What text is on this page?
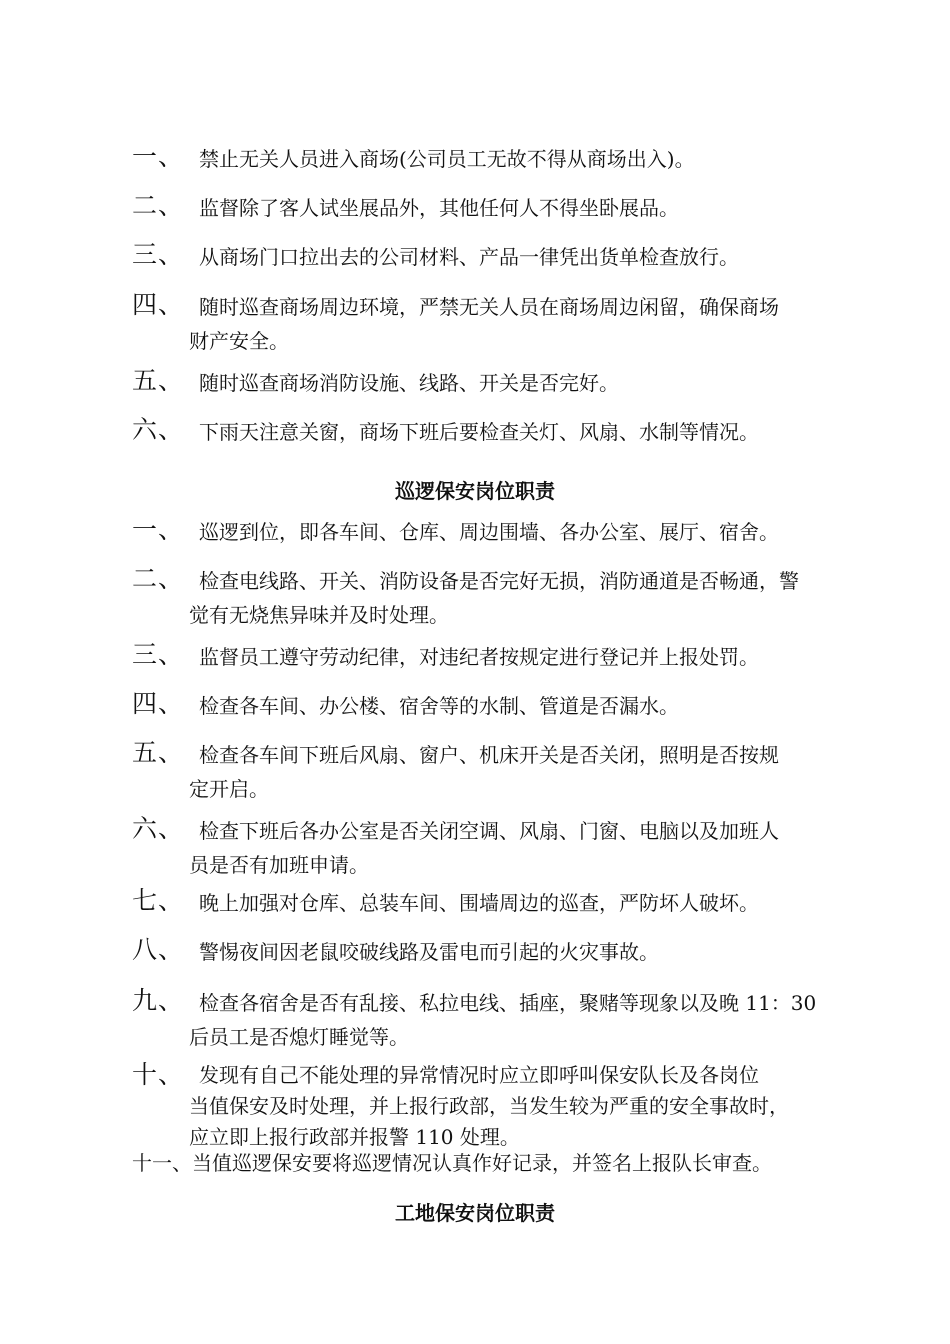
一、 禁止无关人员进入商场(公司员工无故不得从商场出入)。
二、 监督除了客人试坐展品外，其他任何人不得坐卧展品。
三、 从商场门口拉出去的公司材料、产品一律凭出货单检查放行。
四、 随时巡查商场周边环境，严禁无关人员在商场周边闲留，确保商场
财产安全。
五、 随时巡查商场消防设施、线路、开关是否完好。
六、 下雨天注意关窗，商场下班后要检查关灯、风扇、水制等情况。
巡逻保安岗位职责
一、 巡逻到位，即各车间、仓库、周边围墙、各办公室、展厅、宿舍。
二、 检查电线路、开关、消防设备是否完好无损，消防通道是否畅通，警
觉有无烧焦异味并及时处理。
三、 监督员工遵守劳动纪律，对违纪者按规定进行登记并上报处罚。
四、 检查各车间、办公楼、宿舍等的水制、管道是否漏水。
五、 检查各车间下班后风扇、窗户、机床开关是否关闭，照明是否按规
定开启。
六、 检查下班后各办公室是否关闭空调、风扇、门窗、电脑以及加班人
员是否有加班申请。
七、 晚上加强对仓库、总装车间、围墙周边的巡查，严防坏人破坏。
八、 警惕夜间因老鼠咬破线路及雷电而引起的火灾事故。
九、 检查各宿舍是否有乱接、私拉电线、插座，聚赌等现象以及晚 11：30
后员工是否熄灯睡觉等。
十、 发现有自己不能处理的异常情况时应立即呼叫保安队长及各岗位
当值保安及时处理，并上报行政部，当发生较为严重的安全事故时，
应立即上报行政部并报警 110 处理。
十一、当值巡逻保安要将巡逻情况认真作好记录，并签名上报队长审查。
工地保安岗位职责
